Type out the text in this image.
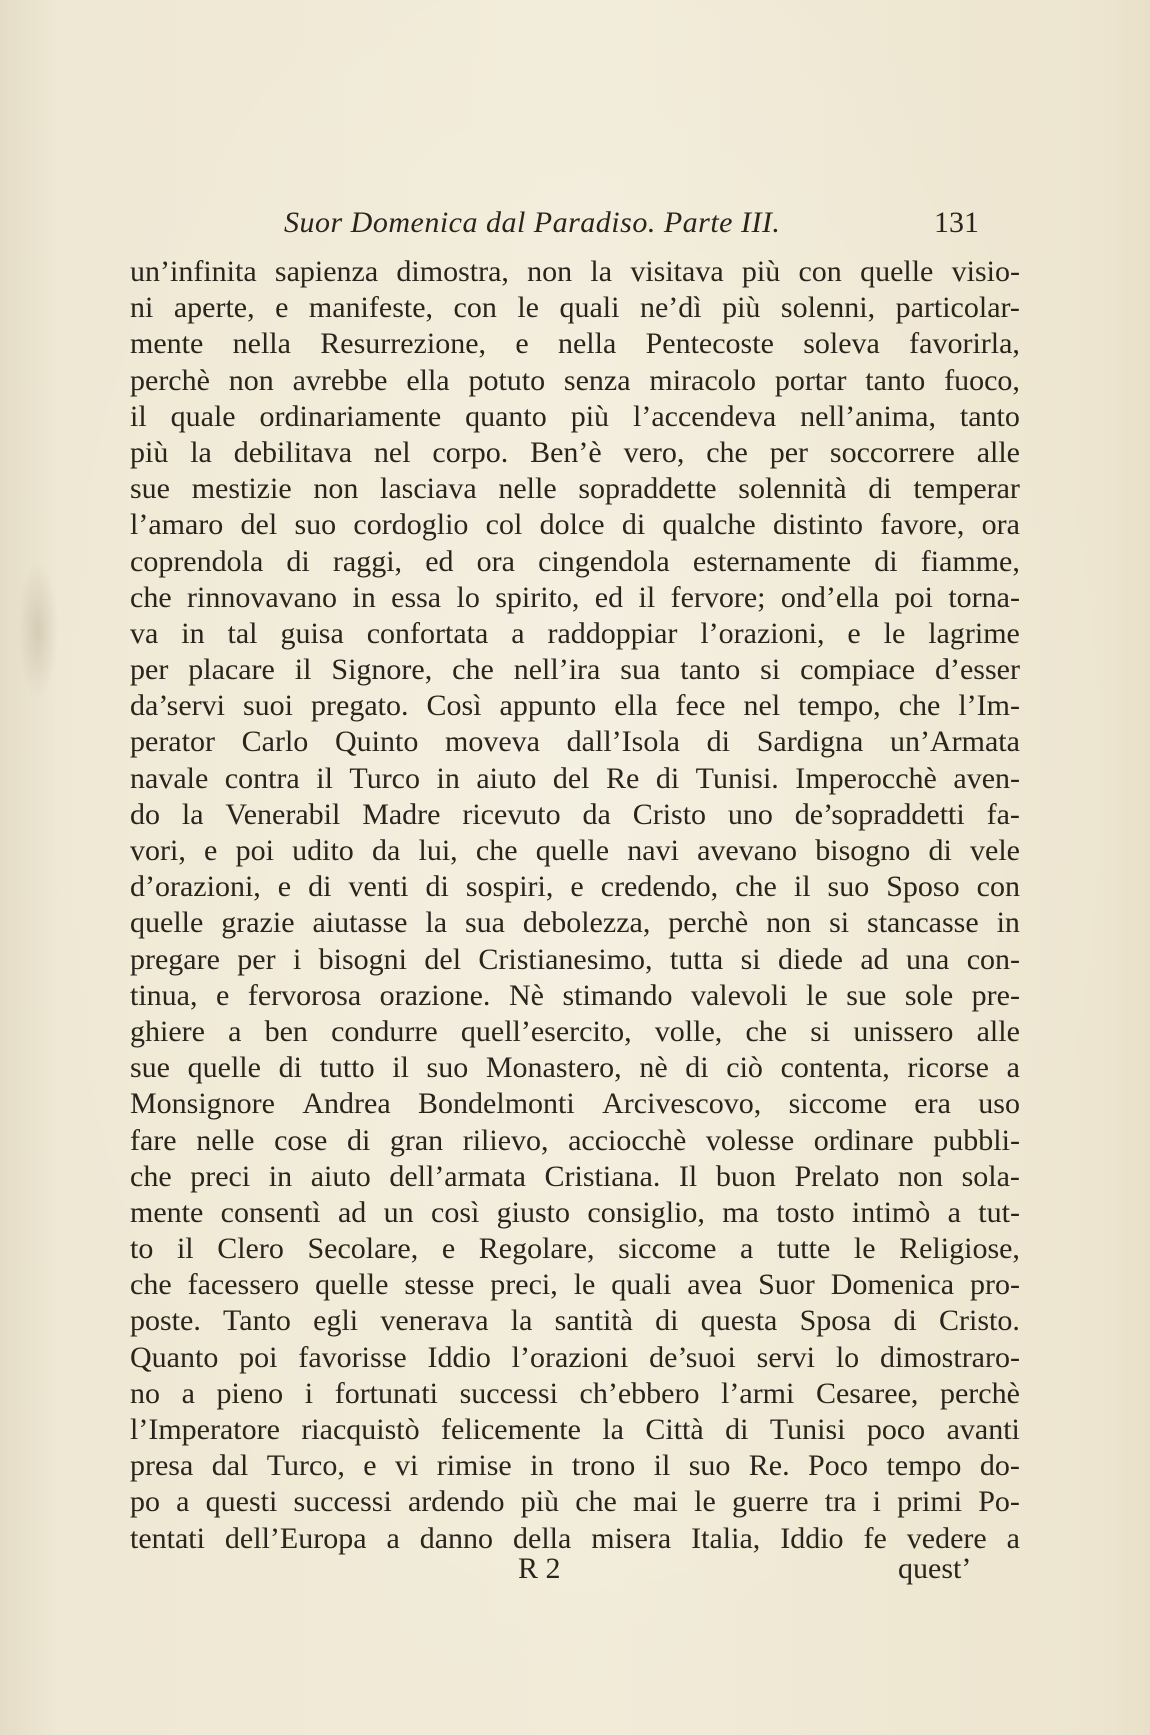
Suor Domenica dal Paradiso. Parte III.	131
un’infinita sapienza dimostra, non la visitava più con quelle visio-
ni aperte, e manifeste, con le quali ne’dì più solenni, particolar-
mente nella Resurrezione, e nella Pentecoste soleva favorirla,
perchè non avrebbe ella potuto senza miracolo portar tanto fuoco,
il quale ordinariamente quanto più l’accendeva nell’anima, tanto
più la debilitava nel corpo. Ben’è vero, che per soccorrere alle
sue mestizie non lasciava nelle sopraddette solennità di temperar
l’amaro del suo cordoglio col dolce di qualche distinto favore, ora
coprendola di raggi, ed ora cingendola esternamente di fiamme,
che rinnovavano in essa lo spirito, ed il fervore; ond’ella poi torna-
va in tal guisa confortata a raddoppiar l’orazioni, e le lagrime
per placare il Signore, che nell’ira sua tanto si compiace d’esser
da’servi suoi pregato. Così appunto ella fece nel tempo, che l’Im-
perator Carlo Quinto moveva dall’Isola di Sardigna un’Armata
navale contra il Turco in aiuto del Re di Tunisi. Imperocchè aven-
do la Venerabil Madre ricevuto da Cristo uno de’sopraddetti fa-
vori, e poi udito da lui, che quelle navi avevano bisogno di vele
d’orazioni, e di venti di sospiri, e credendo, che il suo Sposo con
quelle grazie aiutasse la sua debolezza, perchè non si stancasse in
pregare per i bisogni del Cristianesimo, tutta si diede ad una con-
tinua, e fervorosa orazione. Nè stimando valevoli le sue sole pre-
ghiere a ben condurre quell’esercito, volle, che si unissero alle
sue quelle di tutto il suo Monastero, nè di ciò contenta, ricorse a
Monsignore Andrea Bondelmonti Arcivescovo, siccome era uso
fare nelle cose di gran rilievo, acciocchè volesse ordinare pubbli-
che preci in aiuto dell’armata Cristiana. Il buon Prelato non sola-
mente consentì ad un così giusto consiglio, ma tosto intimò a tut-
to il Clero Secolare, e Regolare, siccome a tutte le Religiose,
che facessero quelle stesse preci, le quali avea Suor Domenica pro-
poste. Tanto egli venerava la santità di questa Sposa di Cristo.
Quanto poi favorisse Iddio l’orazioni de’suoi servi lo dimostraro-
no a pieno i fortunati successi ch’ebbero l’armi Cesaree, perchè
l’Imperatore riacquistò felicemente la Città di Tunisi poco avanti
presa dal Turco, e vi rimise in trono il suo Re. Poco tempo do-
po a questi successi ardendo più che mai le guerre tra i primi Po-
tentati dell’Europa a danno della misera Italia, Iddio fe vedere a
R 2	quest’
